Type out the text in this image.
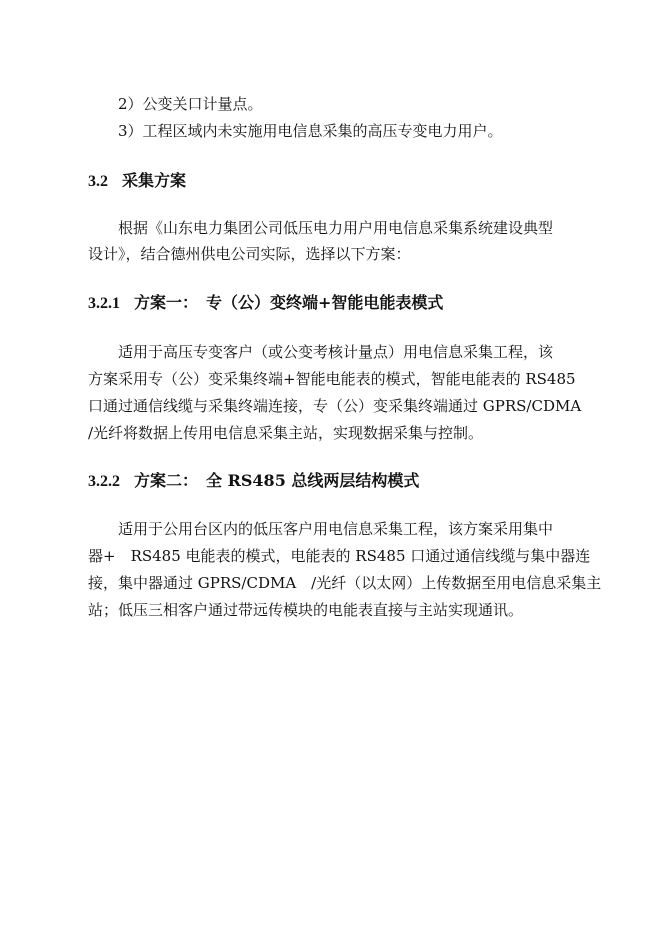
2）公变关口计量点。
3）工程区域内未实施用电信息采集的高压专变电力用户。
3.2 采集方案
根据《山东电力集团公司低压电力用户用电信息采集系统建设典型
设计》，结合德州供电公司实际，选择以下方案：
3.2.1 方案一：　专（公）变终端+智能电能表模式
适用于高压专变客户（或公变考核计量点）用电信息采集工程，该
方案采用专（公）变采集终端+智能电能表的模式，智能电能表的 RS485
口通过通信线缆与采集终端连接，专（公）变采集终端通过 GPRS/CDMA
/光纤将数据上传用电信息采集主站，实现数据采集与控制。
3.2.2 方案二：　全 RS485 总线两层结构模式
适用于公用台区内的低压客户用电信息采集工程，该方案采用集中
器+　RS485 电能表的模式，电能表的 RS485 口通过通信线缆与集中器连
接，集中器通过 GPRS/CDMA　/光纤（以太网）上传数据至用电信息采集主
站；低压三相客户通过带远传模块的电能表直接与主站实现通讯。
